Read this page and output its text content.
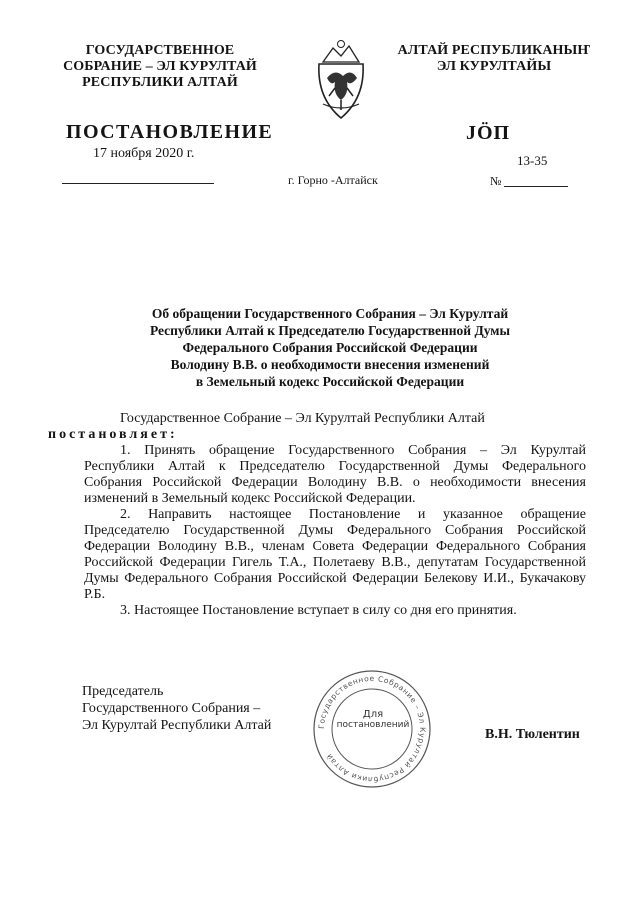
ГОСУДАРСТВЕННОЕ
СОБРАНИЕ – ЭЛ КУРУЛТАЙ
РЕСПУБЛИКИ АЛТАЙ
АЛТАЙ РЕСПУБЛИКАНЫҤ
ЭЛ КУРУЛТАЙЫ
ПОСТАНОВЛЕНИЕ	JÖП
17 ноября 2020 г.	13-35
г. Горно -Алтайск	№
Об обращении Государственного Собрания – Эл Курултай
Республики Алтай к Председателю Государственной Думы
Федерального Собрания Российской Федерации
Володину В.В. о необходимости внесения изменений
в Земельный кодекс Российской Федерации

Государственное Собрание – Эл Курултай Республики Алтай
постановляет:

1. Принять обращение Государственного Собрания – Эл Курултай Республики Алтай к Председателю Государственной Думы Федерального Собрания Российской Федерации Володину В.В. о необходимости внесения изменений в Земельный кодекс Российской Федерации.

2. Направить настоящее Постановление и указанное обращение Председателю Государственной Думы Федерального Собрания Российской Федерации Володину В.В., членам Совета Федерации Федерального Собрания Российской Федерации Гигель Т.А., Полетаеву В.В., депутатам Государственной Думы Федерального Собрания Российской Федерации Белекову И.И., Букачакову Р.Б.

3. Настоящее Постановление вступает в силу со дня его принятия.

Председатель
Государственного Собрания –
Эл Курултай Республики Алтай	Государственное Собрание – Эл Курултай Республики Алтай
Для
постановлений
В.Н. Тюлентин
